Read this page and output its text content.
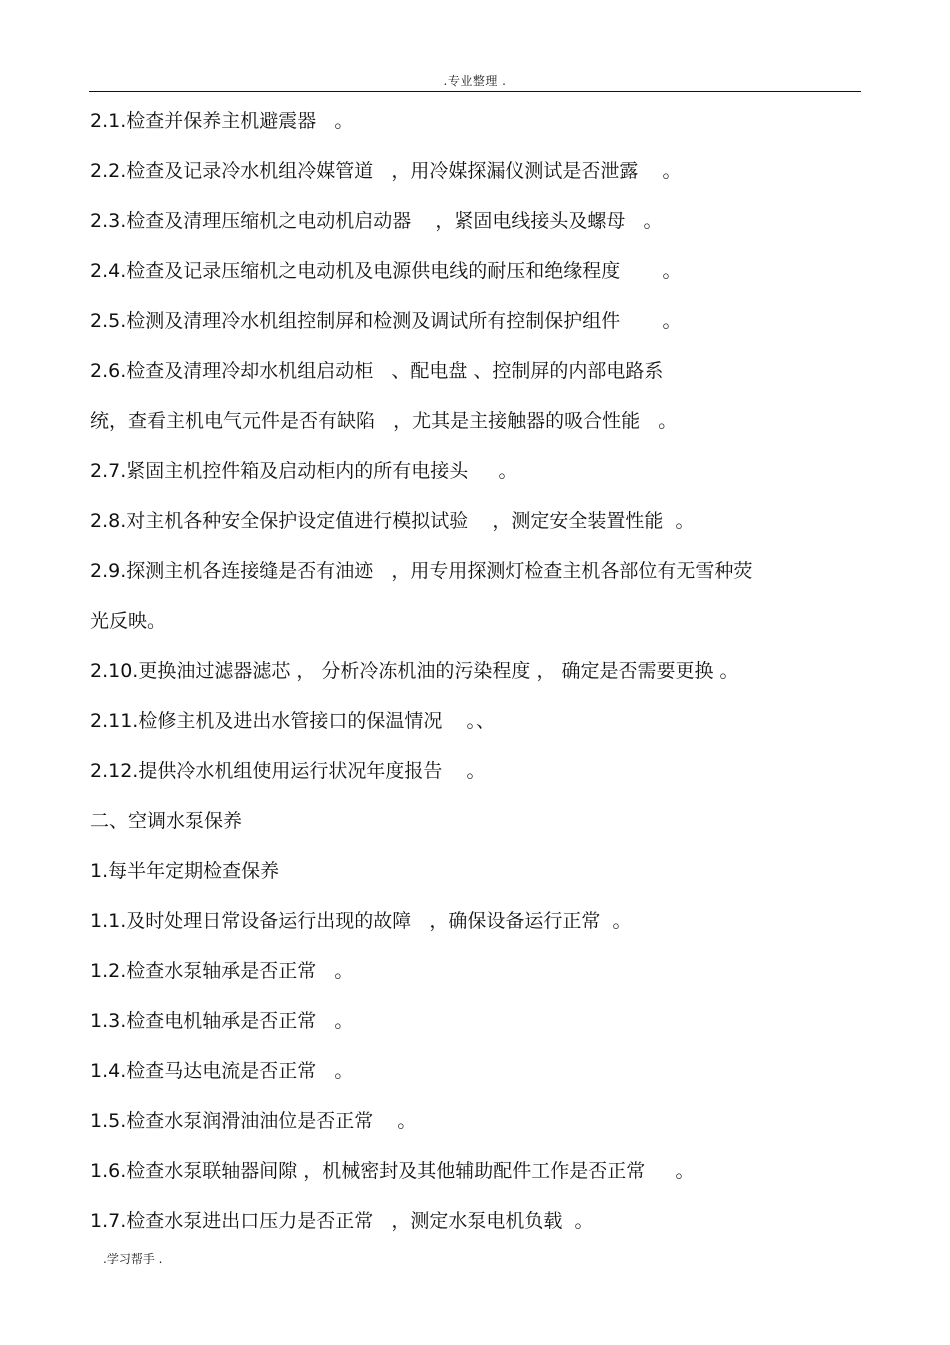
.专业整理 .
2.1.检查并保养主机避震器   。
2.2.检查及记录冷水机组冷媒管道   ，用冷媒探漏仪测试是否泄露    。
2.3.检查及清理压缩机之电动机启动器    ，紧固电线接头及螺母   。
2.4.检查及记录压缩机之电动机及电源供电线的耐压和绝缘程度       。
2.5.检测及清理冷水机组控制屏和检测及调试所有控制保护组件       。
2.6.检查及清理冷却水机组启动柜   、配电盘 、控制屏的内部电路系
统，查看主机电气元件是否有缺陷   ，尤其是主接触器的吸合性能   。
2.7.紧固主机控件箱及启动柜内的所有电接头     。
2.8.对主机各种安全保护设定值进行模拟试验    ，测定安全装置性能  。
2.9.探测主机各连接缝是否有油迹   ，用专用探测灯检查主机各部位有无雪种荧
光反映。
2.10.更换油过滤器滤芯 ， 分析冷冻机油的污染程度 ， 确定是否需要更换 。
2.11.检修主机及进出水管接口的保温情况    。、
2.12.提供冷水机组使用运行状况年度报告    。
二、空调水泵保养
1.每半年定期检查保养
1.1.及时处理日常设备运行出现的故障   ，确保设备运行正常  。
1.2.检查水泵轴承是否正常   。
1.3.检查电机轴承是否正常   。
1.4.检查马达电流是否正常   。
1.5.检查水泵润滑油油位是否正常    。
1.6.检查水泵联轴器间隙 ，机械密封及其他辅助配件工作是否正常     。
1.7.检查水泵进出口压力是否正常   ，测定水泵电机负载  。
.学习帮手 .
